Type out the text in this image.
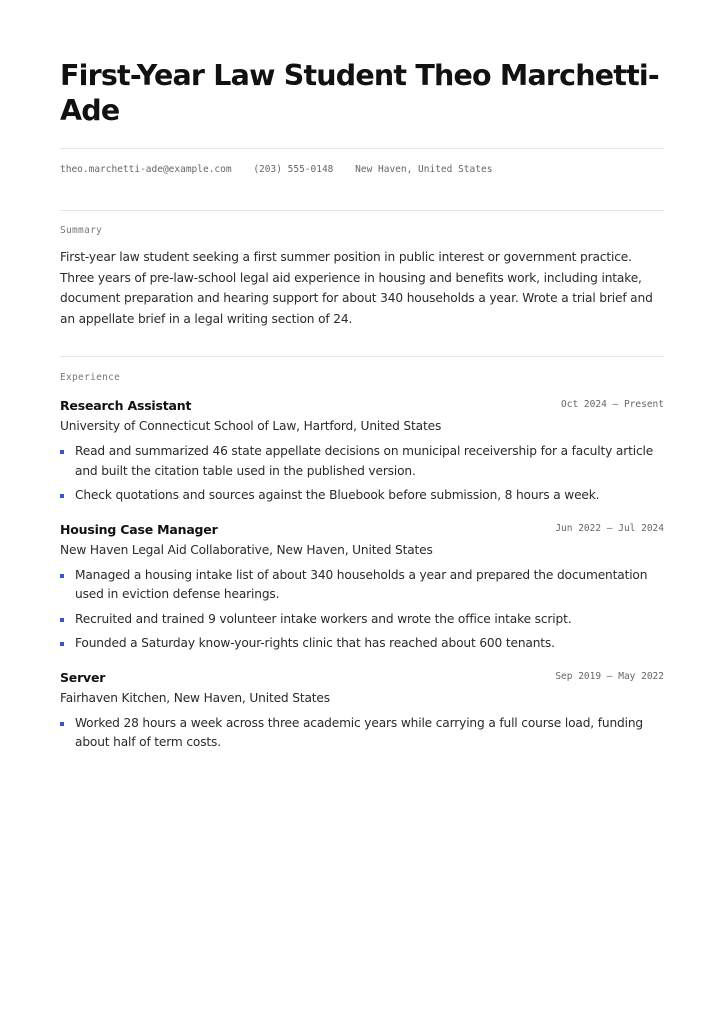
First-Year Law Student Theo Marchetti-Ade
theo.marchetti-ade@example.com (203) 555-0148 New Haven, United States
Summary

First-year law student seeking a first summer position in public interest or government practice. Three years of pre-law-school legal aid experience in housing and benefits work, including intake, document preparation and hearing support for about 340 households a year. Wrote a trial brief and an appellate brief in a legal writing section of 24.

Experience
Research Assistant	Oct 2024 – Present
University of Connecticut School of Law, Hartford, United States
Read and summarized 46 state appellate decisions on municipal receivership for a faculty article and built the citation table used in the published version.
Check quotations and sources against the Bluebook before submission, 8 hours a week.
Housing Case Manager	Jun 2022 – Jul 2024
New Haven Legal Aid Collaborative, New Haven, United States
Managed a housing intake list of about 340 households a year and prepared the documentation used in eviction defense hearings.
Recruited and trained 9 volunteer intake workers and wrote the office intake script.
Founded a Saturday know-your-rights clinic that has reached about 600 tenants.
Server	Sep 2019 – May 2022
Fairhaven Kitchen, New Haven, United States
Worked 28 hours a week across three academic years while carrying a full course load, funding about half of term costs.
